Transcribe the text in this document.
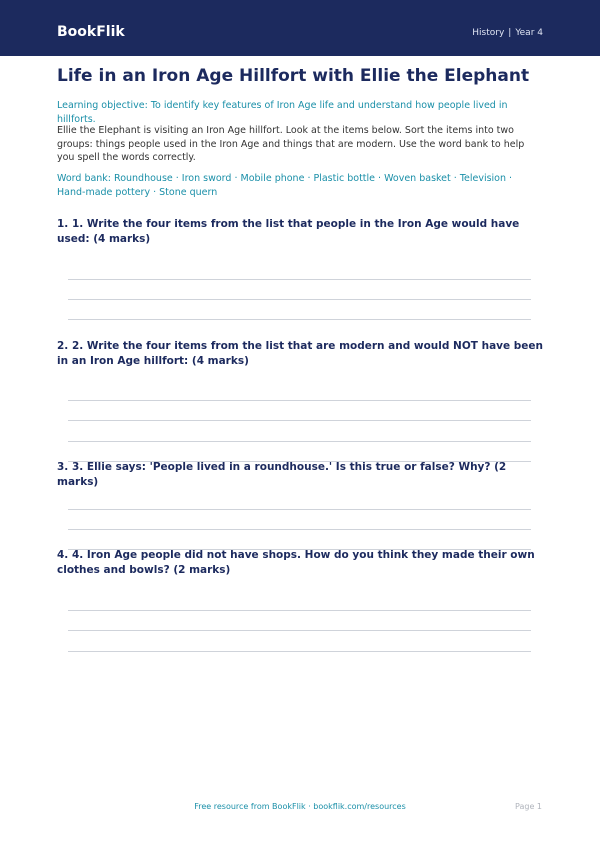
BookFlik	History | Year 4
Life in an Iron Age Hillfort with Ellie the Elephant
Learning objective: To identify key features of Iron Age life and understand how people lived in hillforts.
Ellie the Elephant is visiting an Iron Age hillfort. Look at the items below. Sort the items into two groups: things people used in the Iron Age and things that are modern. Use the word bank to help you spell the words correctly.
Word bank: Roundhouse · Iron sword · Mobile phone · Plastic bottle · Woven basket · Television · Hand-made pottery · Stone quern
1. 1. Write the four items from the list that people in the Iron Age would have used: (4 marks)
2. 2. Write the four items from the list that are modern and would NOT have been in an Iron Age hillfort: (4 marks)
3. 3. Ellie says: 'People lived in a roundhouse.' Is this true or false? Why? (2 marks)
4. 4. Iron Age people did not have shops. How do you think they made their own clothes and bowls? (2 marks)
Free resource from BookFlik · bookflik.com/resources	Page 1
